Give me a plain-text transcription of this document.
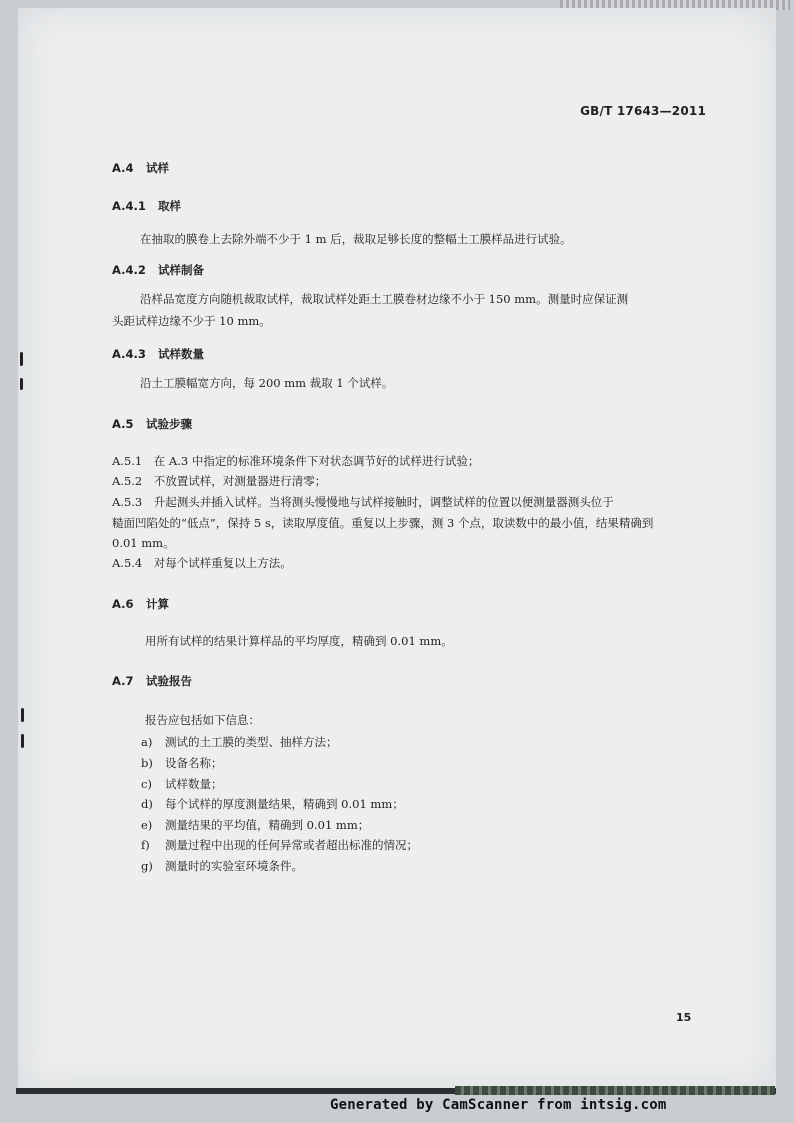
GB/T 17643—2011
A.4 试样
A.4.1 取样
在抽取的膜卷上去除外端不少于 1 m 后，裁取足够长度的整幅土工膜样品进行试验。
A.4.2 试样制备
沿样品宽度方向随机裁取试样，裁取试样处距土工膜卷材边缘不小于 150 mm。测量时应保证测
头距试样边缘不少于 10 mm。
A.4.3 试样数量
沿土工膜幅宽方向，每 200 mm 裁取 1 个试样。
A.5 试验步骤
A.5.1　在 A.3 中指定的标准环境条件下对状态调节好的试样进行试验；
A.5.2　不放置试样，对测量器进行清零；
A.5.3　升起测头并插入试样。当将测头慢慢地与试样接触时，调整试样的位置以便测量器测头位于
糙面凹陷处的“低点”，保持 5 s，读取厚度值。重复以上步骤，测 3 个点，取读数中的最小值，结果精确到
0.01 mm。
A.5.4　对每个试样重复以上方法。
A.6 计算
用所有试样的结果计算样品的平均厚度，精确到 0.01 mm。
A.7 试验报告
报告应包括如下信息：
a) 测试的土工膜的类型、抽样方法；
b) 设备名称；
c) 试样数量；
d) 每个试样的厚度测量结果，精确到 0.01 mm；
e) 测量结果的平均值，精确到 0.01 mm；
f) 测量过程中出现的任何异常或者超出标准的情况；
g) 测量时的实验室环境条件。
15
Generated by CamScanner from intsig.com
